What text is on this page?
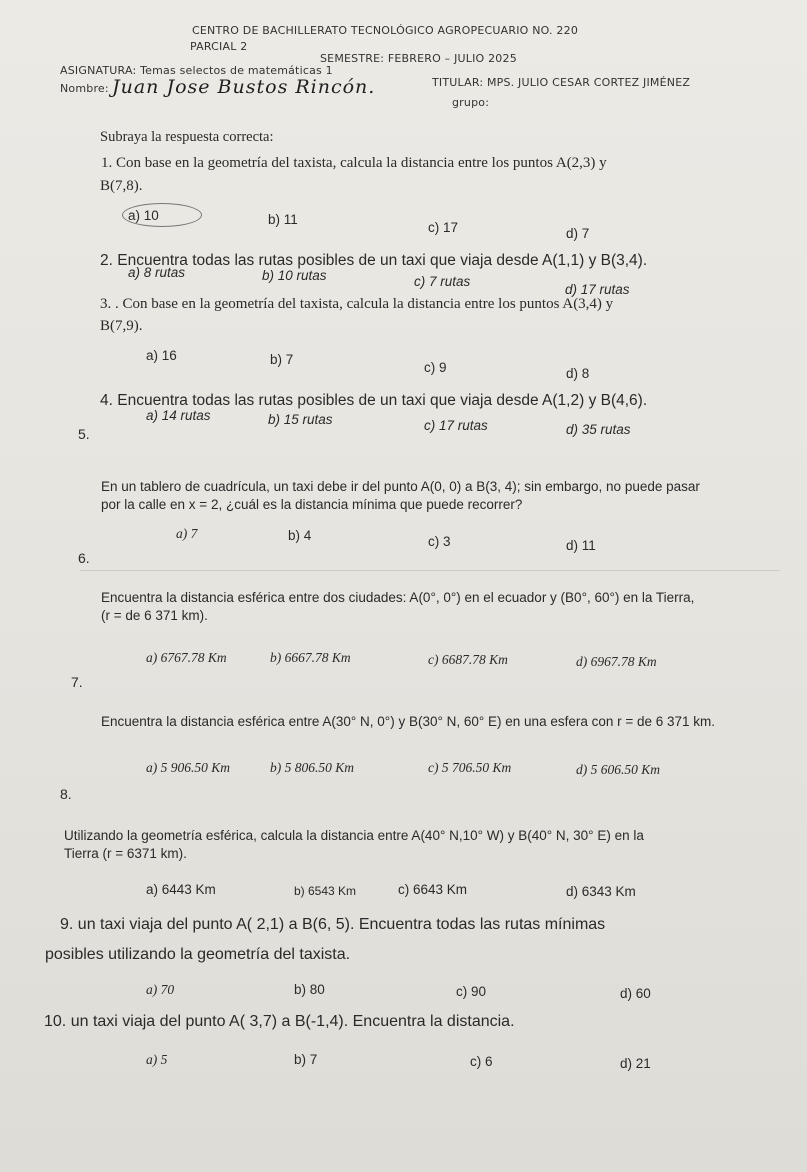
CENTRO DE BACHILLERATO TECNOLÓGICO AGROPECUARIO NO. 220
PARCIAL 2
SEMESTRE: FEBRERO – JULIO 2025
ASIGNATURA: Temas selectos de matemáticas 1
TITULAR: MPS. JULIO CESAR CORTEZ JIMÉNEZ
Nombre: Juan Jose Bustos Rincón.
grupo:
Subraya la respuesta correcta:
1. Con base en la geometría del taxista, calcula la distancia entre los puntos A(2,3) y
B(7,8).
a) 10	b) 11
c) 17	d) 7
2. Encuentra todas las rutas posibles de un taxi que viaja desde A(1,1) y B(3,4).
a) 8 rutas	b) 10 rutas	c) 7 rutas
d) 17 rutas
3. . Con base en la geometría del taxista, calcula la distancia entre los puntos A(3,4) y
B(7,9).
a) 16	b) 7
c) 9	d) 8
4. Encuentra todas las rutas posibles de un taxi que viaja desde A(1,2) y B(4,6).
a) 14 rutas	b) 15 rutas	c) 17 rutas	d) 35 rutas
5.
En un tablero de cuadrícula, un taxi debe ir del punto A(0, 0) a B(3, 4); sin embargo, no puede pasar
por la calle en x = 2, ¿cuál es la distancia mínima que puede recorrer?
a) 7	b) 4	c) 3	d) 11
6.
Encuentra la distancia esférica entre dos ciudades: A(0°, 0°) en el ecuador y (B0°, 60°) en la Tierra,
(r = de 6 371 km).
a) 6767.78 Km	b) 6667.78 Km	c) 6687.78 Km	d) 6967.78 Km
7.
Encuentra la distancia esférica entre A(30° N, 0°) y B(30° N, 60° E) en una esfera con r = de 6 371 km.
a) 5 906.50 Km	b) 5 806.50 Km	c) 5 706.50 Km	d) 5 606.50 Km
8.
Utilizando la geometría esférica, calcula la distancia entre A(40° N,10° W) y B(40° N, 30° E) en la
Tierra (r = 6371 km).
a) 6443 Km	b) 6543 Km	c) 6643 Km	d) 6343 Km
9. un taxi viaja del punto A( 2,1) a B(6, 5). Encuentra todas las rutas mínimas
posibles utilizando la geometría del taxista.
a) 70	b) 80	c) 90	d) 60
10. un taxi viaja del punto A( 3,7) a B(-1,4). Encuentra la distancia.
a) 5	b) 7	c) 6	d) 21
